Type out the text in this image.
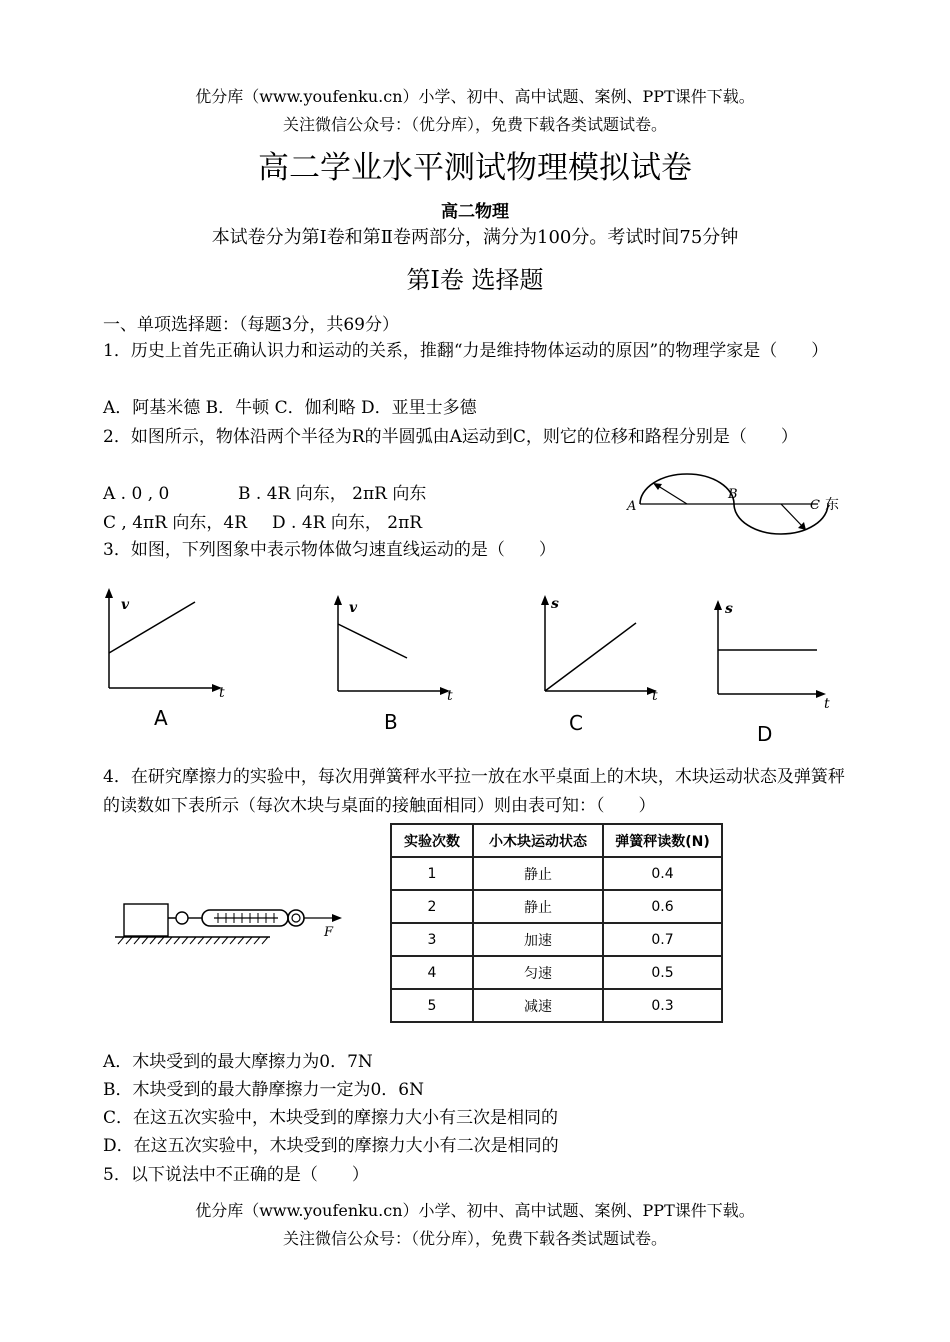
优分库（www.youfenku.cn）小学、初中、高中试题、案例、PPT课件下载。
关注微信公众号：（优分库），免费下载各类试题试卷。
高二学业水平测试物理模拟试卷
高二物理
本试卷分为第Ⅰ卷和第Ⅱ卷两部分，满分为100分。考试时间75分钟
第Ⅰ卷 选择题
一、单项选择题：（每题3分，共69分）
1．历史上首先正确认识力和运动的关系，推翻“力是维持物体运动的原因”的物理学家是（　　）
A．阿基米德 B．牛顿 C．伽利略 D．亚里士多德
2．如图所示，物体沿两个半径为R的半圆弧由A运动到C，则它的位移和路程分别是（　　）
A . 0 , 0	B . 4R 向东， 2πR 向东
C , 4πR 向东，4R D . 4R 向东， 2πR
A
B
C 东
3．如图，下列图象中表示物体做匀速直线运动的是（　　）
v
t
A
v
t
B
s
t
C
s
t
D
4．在研究摩擦力的实验中，每次用弹簧秤水平拉一放在水平桌面上的木块，木块运动状态及弹簧秤的读数如下表所示（每次木块与桌面的接触面相同）则由表可知：（　　）
F
实验次数	小木块运动状态	弹簧秤读数(N)
1	静止	0.4
2	静止	0.6
3	加速	0.7
4	匀速	0.5
5	减速	0.3
A．木块受到的最大摩擦力为0．7N
B．木块受到的最大静摩擦力一定为0．6N
C．在这五次实验中，木块受到的摩擦力大小有三次是相同的
D．在这五次实验中，木块受到的摩擦力大小有二次是相同的
5．以下说法中不正确的是（　　）
优分库（www.youfenku.cn）小学、初中、高中试题、案例、PPT课件下载。
关注微信公众号：（优分库），免费下载各类试题试卷。
